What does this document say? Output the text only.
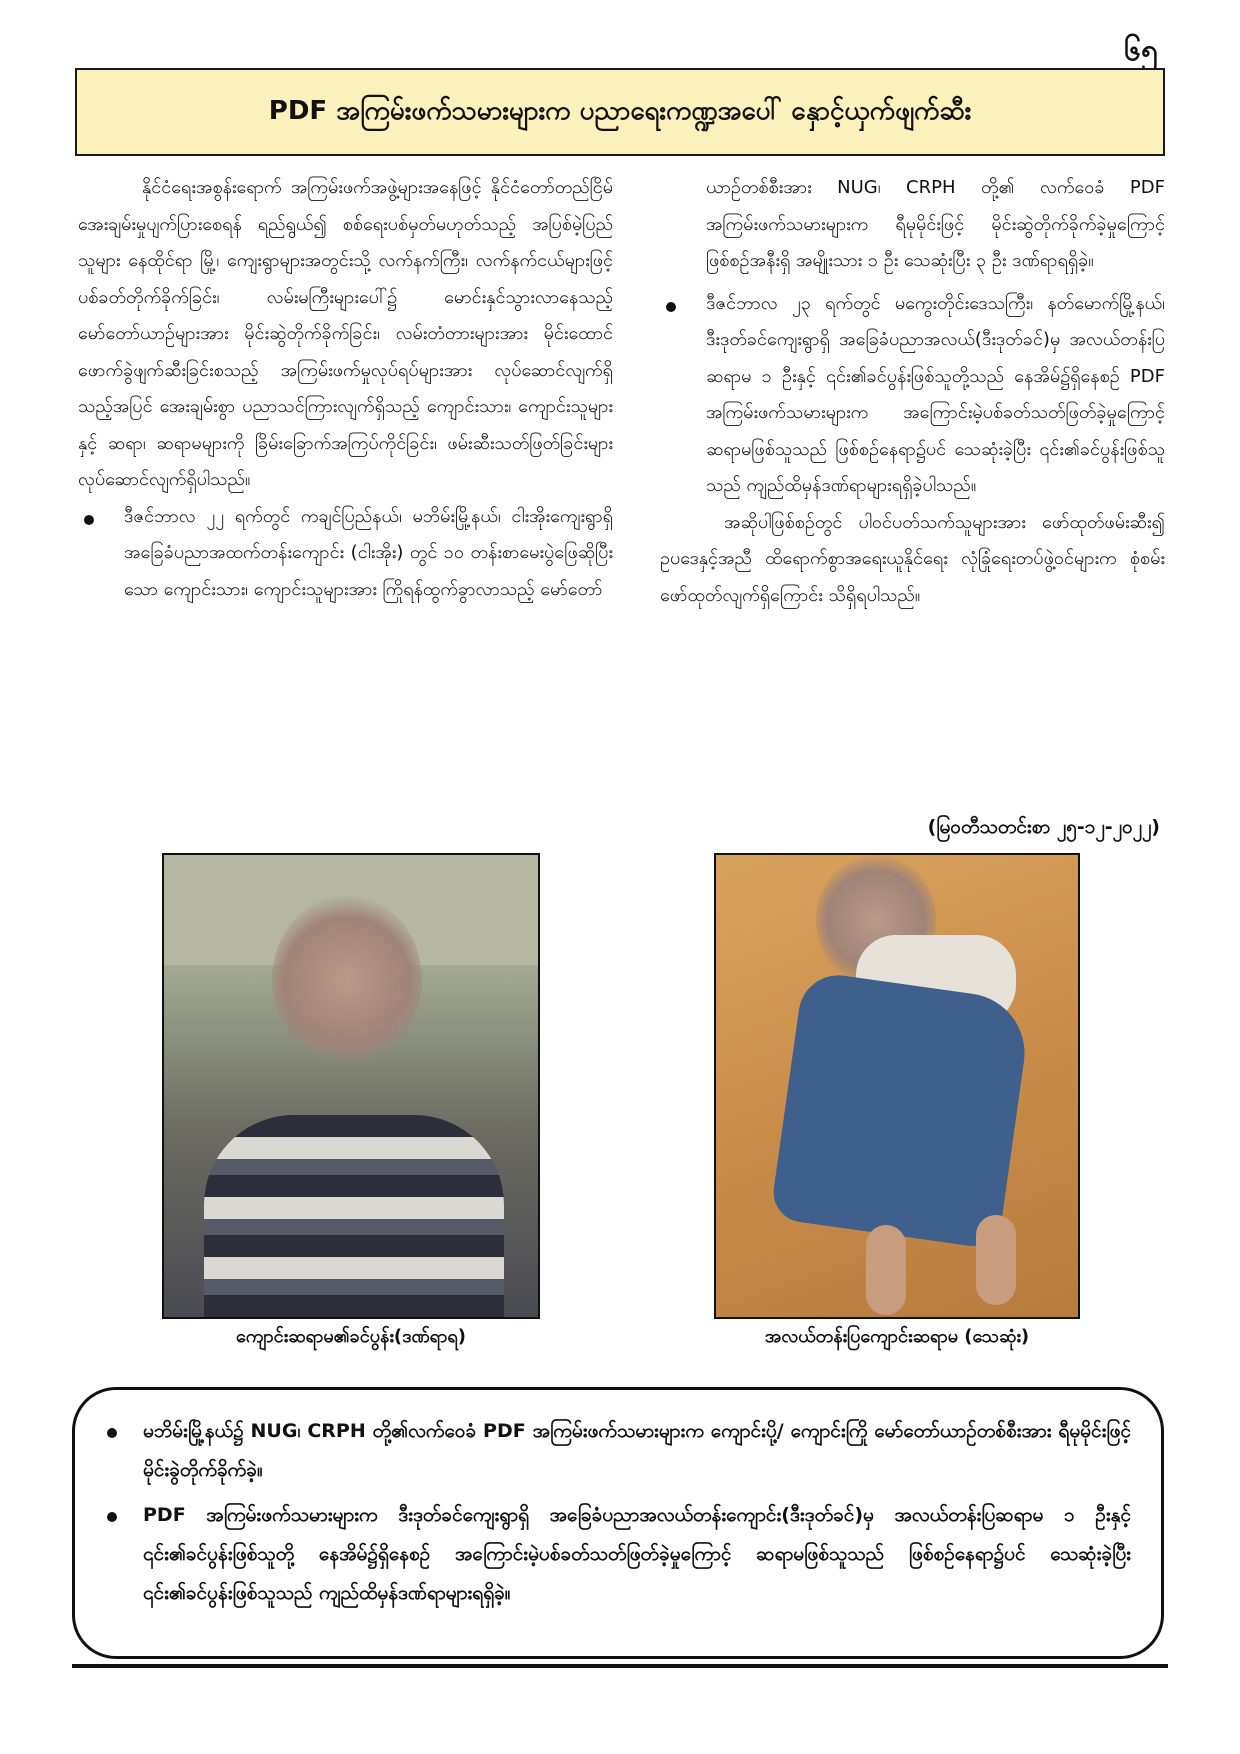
၆၅
PDF အကြမ်းဖက်သမားများက ပညာရေးကဏ္ဍအပေါ် နှောင့်ယှက်ဖျက်ဆီး

နိုင်ငံရေးအစွန်းရောက် အကြမ်းဖက်အဖွဲ့များအနေဖြင့် နိုင်ငံတော်တည်ငြိမ်အေးချမ်းမှုပျက်ပြားစေရန် ရည်ရွယ်၍ စစ်ရေးပစ်မှတ်မဟုတ်သည့် အပြစ်မဲ့ပြည်သူများ နေထိုင်ရာ မြို့၊ ကျေးရွာများအတွင်းသို့ လက်နက်ကြီး၊ လက်နက်ငယ်များဖြင့် ပစ်ခတ်တိုက်ခိုက်ခြင်း၊ လမ်းမကြီးများပေါ်၌ မောင်းနှင်သွားလာနေသည့် မော်တော်ယာဉ်များအား မိုင်းဆွဲတိုက်ခိုက်ခြင်း၊ လမ်းတံတားများအား မိုင်းထောင်ဖောက်ခွဲဖျက်ဆီးခြင်းစသည့် အကြမ်းဖက်မှုလုပ်ရပ်များအား လုပ်ဆောင်လျက်ရှိသည့်အပြင် အေးချမ်းစွာ ပညာသင်ကြားလျက်ရှိသည့် ကျောင်းသား၊ ကျောင်းသူများနှင့် ဆရာ၊ ဆရာမများကို ခြိမ်းခြောက်အကြပ်ကိုင်ခြင်း၊ ဖမ်းဆီးသတ်ဖြတ်ခြင်းများ လုပ်ဆောင်လျက်ရှိပါသည်။

ဒီဇင်ဘာလ ၂၂ ရက်တွင် ကချင်ပြည်နယ်၊ မဘိမ်းမြို့နယ်၊ ငါးအိုးကျေးရွာရှိ အခြေခံပညာအထက်တန်းကျောင်း (ငါးအိုး) တွင် ၁၀ တန်းစာမေးပွဲဖြေဆိုပြီးသော ကျောင်းသား၊ ကျောင်းသူများအား ကြိုရန်ထွက်ခွာလာသည့် မော်တော်

ယာဉ်တစ်စီးအား NUG၊ CRPH တို့၏ လက်ဝေခံ PDF အကြမ်းဖက်သမားများက ရီမုမိုင်းဖြင့် မိုင်းဆွဲတိုက်ခိုက်ခဲ့မှုကြောင့် ဖြစ်စဉ်အနီးရှိ အမျိုးသား ၁ ဦး သေဆုံးပြီး ၃ ဦး ဒဏ်ရာရရှိခဲ့။

ဒီဇင်ဘာလ ၂၃ ရက်တွင် မကွေးတိုင်းဒေသကြီး၊ နတ်မောက်မြို့နယ်၊ ဒီးဒုတ်ခင်ကျေးရွာရှိ အခြေခံပညာအလယ်(ဒီးဒုတ်ခင်)မှ အလယ်တန်းပြဆရာမ ၁ ဦးနှင့် ၎င်း၏ခင်ပွန်းဖြစ်သူတို့သည် နေအိမ်၌ရှိနေစဉ် PDF အကြမ်းဖက်သမားများက အကြောင်းမဲ့ပစ်ခတ်သတ်ဖြတ်ခဲ့မှုကြောင့် ဆရာမဖြစ်သူသည် ဖြစ်စဉ်နေရာ၌ပင် သေဆုံးခဲ့ပြီး ၎င်း၏ခင်ပွန်းဖြစ်သူသည် ကျည်ထိမှန်ဒဏ်ရာများရရှိခဲ့ပါသည်။

အဆိုပါဖြစ်စဉ်တွင် ပါဝင်ပတ်သက်သူများအား ဖော်ထုတ်ဖမ်းဆီး၍ ဥပဒေနှင့်အညီ ထိရောက်စွာအရေးယူနိုင်ရေး လုံခြုံရေးတပ်ဖွဲ့ဝင်များက စုံစမ်းဖော်ထုတ်လျက်ရှိကြောင်း သိရှိရပါသည်။

(မြဝတီသတင်းစာ ၂၅-၁၂-၂၀၂၂)
ကျောင်းဆရာမ၏ခင်ပွန်း(ဒဏ်ရာရ)	အလယ်တန်းပြကျောင်းဆရာမ (သေဆုံး)
မဘိမ်းမြို့နယ်၌ NUG၊ CRPH တို့၏လက်ဝေခံ PDF အကြမ်းဖက်သမားများက ကျောင်းပို့/ ကျောင်းကြို မော်တော်ယာဉ်တစ်စီးအား ရီမုမိုင်းဖြင့် မိုင်းခွဲတိုက်ခိုက်ခဲ့။
PDF အကြမ်းဖက်သမားများက ဒီးဒုတ်ခင်ကျေးရွာရှိ အခြေခံပညာအလယ်တန်းကျောင်း(ဒီးဒုတ်ခင်)မှ အလယ်တန်းပြဆရာမ ၁ ဦးနှင့် ၎င်း၏ခင်ပွန်းဖြစ်သူတို့ နေအိမ်၌ရှိနေစဉ် အကြောင်းမဲ့ပစ်ခတ်သတ်ဖြတ်ခဲ့မှုကြောင့် ဆရာမဖြစ်သူသည် ဖြစ်စဉ်နေရာ၌ပင် သေဆုံးခဲ့ပြီး ၎င်း၏ခင်ပွန်းဖြစ်သူသည် ကျည်ထိမှန်ဒဏ်ရာများရရှိခဲ့။
